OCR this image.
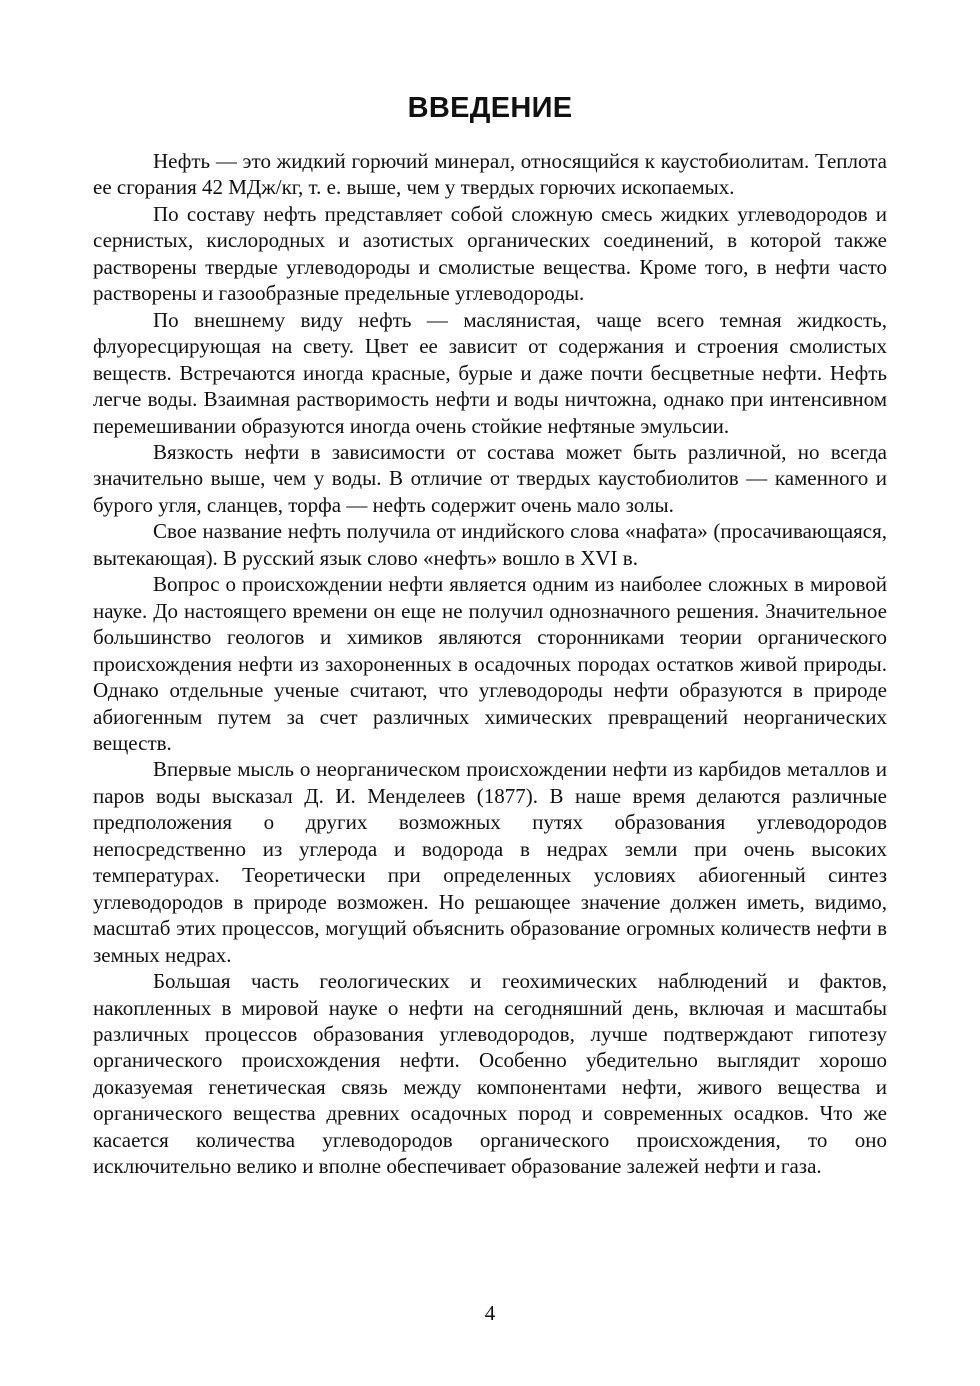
ВВЕДЕНИЕ

Нефть — это жидкий горючий минерал, относящийся к каустобиолитам. Теплота ее сгорания 42 МДж/кг, т. е. выше, чем у твердых горючих ископаемых.

По составу нефть представляет собой сложную смесь жидких углеводородов и сернистых, кислородных и азотистых органических соединений, в которой также растворены твердые углеводороды и смолистые вещества. Кроме того, в нефти часто растворены и газообразные предельные углеводороды.

По внешнему виду нефть — маслянистая, чаще всего темная жидкость, флуоресцирующая на свету. Цвет ее зависит от содержания и строения смолистых веществ. Встречаются иногда красные, бурые и даже почти бесцветные нефти. Нефть легче воды. Взаимная растворимость нефти и воды ничтожна, однако при интенсивном перемешивании образуются иногда очень стойкие нефтяные эмульсии.

Вязкость нефти в зависимости от состава может быть различной, но всегда значительно выше, чем у воды. В отличие от твердых каустобиолитов — каменного и бурого угля, сланцев, торфа — нефть содержит очень мало золы.

Свое название нефть получила от индийского слова «нафата» (просачивающаяся, вытекающая). В русский язык слово «нефть» вошло в XVI в.

Вопрос о происхождении нефти является одним из наиболее сложных в мировой науке. До настоящего времени он еще не получил однозначного решения. Значительное большинство геологов и химиков являются сторонниками теории органического происхождения нефти из захороненных в осадочных породах остатков живой природы. Однако отдельные ученые считают, что углеводороды нефти образуются в природе абиогенным путем за счет различных химических превращений неорганических веществ.

Впервые мысль о неорганическом происхождении нефти из карбидов металлов и паров воды высказал Д. И. Менделеев (1877). В наше время делаются различные предположения о других возможных путях образования углеводородов непосредственно из углерода и водорода в недрах земли при очень высоких температурах. Теоретически при определенных условиях абиогенный синтез углеводородов в природе возможен. Но решающее значение должен иметь, видимо, масштаб этих процессов, могущий объяснить образование огромных количеств нефти в земных недрах.

Большая часть геологических и геохимических наблюдений и фактов, накопленных в мировой науке о нефти на сегодняшний день, включая и масштабы различных процессов образования углеводородов, лучше подтверждают гипотезу органического происхождения нефти. Особенно убедительно выглядит хорошо доказуемая генетическая связь между компонентами нефти, живого вещества и органического вещества древних осадочных пород и современных осадков. Что же касается количества углеводородов органического происхождения, то оно исключительно велико и вполне обеспечивает образование залежей нефти и газа.

4
